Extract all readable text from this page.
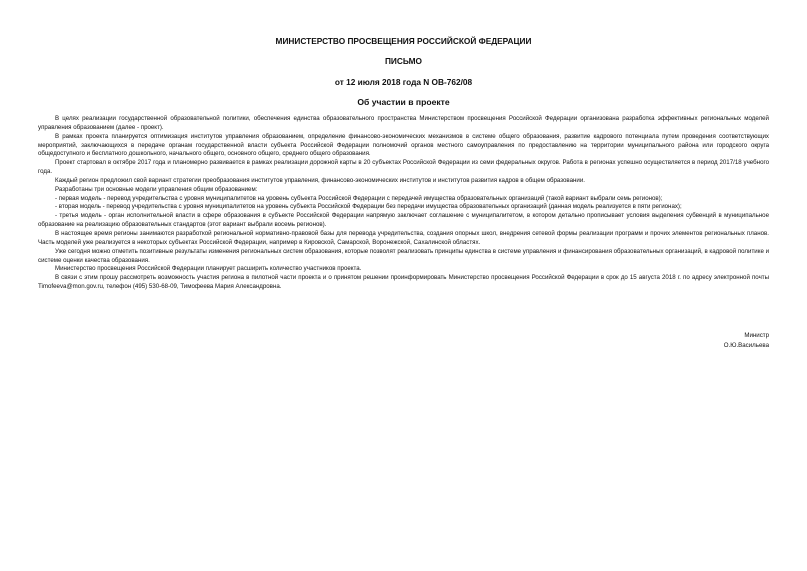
МИНИСТЕРСТВО ПРОСВЕЩЕНИЯ РОССИЙСКОЙ ФЕДЕРАЦИИ
ПИСЬМО
от 12 июля 2018 года N ОВ-762/08
Об участии в проекте

В целях реализации государственной образовательной политики, обеспечения единства образовательного пространства Министерством просвещения Российской Федерации организована разработка эффективных региональных моделей управления образованием (далее - проект).

В рамках проекта планируется оптимизация институтов управления образованием, определение финансово-экономических механизмов в системе общего образования, развитие кадрового потенциала путем проведения соответствующих мероприятий, заключающихся в передаче органам государственной власти субъекта Российской Федерации полномочий органов местного самоуправления по предоставлению на территории муниципального района или городского округа общедоступного и бесплатного дошкольного, начального общего, основного общего, среднего общего образования.

Проект стартовал в октябре 2017 года и планомерно развивается в рамках реализации дорожной карты в 20 субъектах Российской Федерации из семи федеральных округов. Работа в регионах успешно осуществляется в период 2017/18 учебного года.

Каждый регион предложил свой вариант стратегии преобразования институтов управления, финансово-экономических институтов и институтов развития кадров в общем образовании.

Разработаны три основные модели управления общим образованием:

- первая модель - перевод учредительства с уровня муниципалитетов на уровень субъекта Российской Федерации с передачей имущества образовательных организаций (такой вариант выбрали семь регионов);

- вторая модель - перевод учредительства с уровня муниципалитетов на уровень субъекта Российской Федерации без передачи имущества образовательных организаций (данная модель реализуется в пяти регионах);

- третья модель - орган исполнительной власти в сфере образования в субъекте Российской Федерации напрямую заключает соглашение с муниципалитетом, в котором детально прописывает условия выделения субвенций в муниципальное образование на реализацию образовательных стандартов (этот вариант выбрали восемь регионов).

В настоящее время регионы занимаются разработкой региональной нормативно-правовой базы для перевода учредительства, создания опорных школ, внедрения сетевой формы реализации программ и прочих элементов региональных планов. Часть моделей уже реализуется в некоторых субъектах Российской Федерации, например в Кировской, Самарской, Воронежской, Сахалинской областях.

Уже сегодня можно отметить позитивные результаты изменения региональных систем образования, которые позволят реализовать принципы единства в системе управления и финансирования образовательных организаций, в кадровой политике и системе оценки качества образования.

Министерство просвещения Российской Федерации планирует расширить количество участников проекта.

В связи с этим прошу рассмотреть возможность участия региона в пилотной части проекта и о принятом решении проинформировать Министерство просвещения Российской Федерации в срок до 15 августа 2018 г. по адресу электронной почты Timofeeva@mon.gov.ru, телефон (495) 530-68-09, Тимофеева Мария Александровна.

Министр
О.Ю.Васильева
